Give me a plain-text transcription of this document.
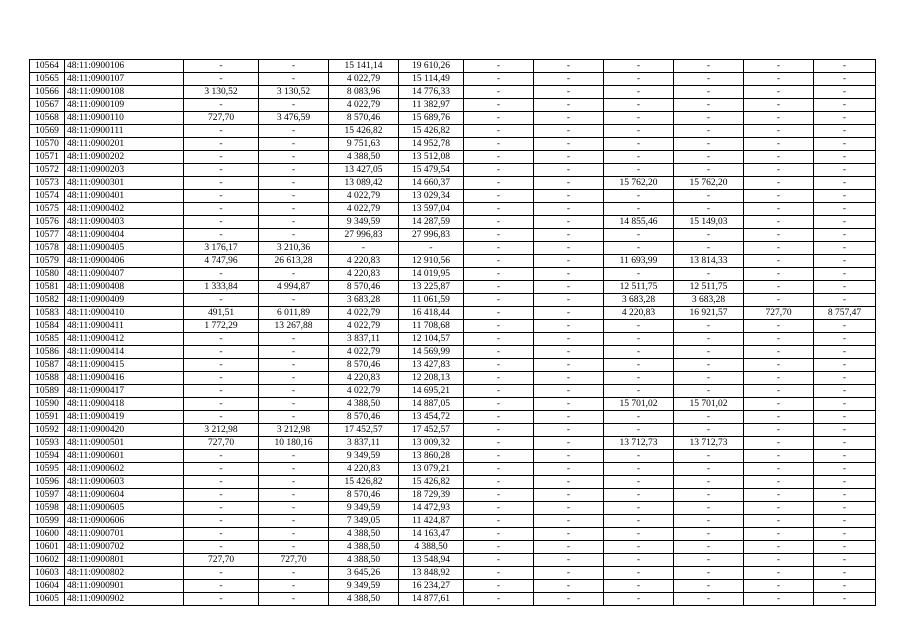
10564	48:11:0900106	-	-	15 141,14	19 610,26	-	-	-	-	-	-
10565	48:11:0900107	-	-	4 022,79	15 114,49	-	-	-	-	-	-
10566	48:11:0900108	3 130,52	3 130,52	8 083,96	14 776,33	-	-	-	-	-	-
10567	48:11:0900109	-	-	4 022,79	11 382,97	-	-	-	-	-	-
10568	48:11:0900110	727,70	3 476,59	8 570,46	15 689,76	-	-	-	-	-	-
10569	48:11:0900111	-	-	15 426,82	15 426,82	-	-	-	-	-	-
10570	48:11:0900201	-	-	9 751,63	14 952,78	-	-	-	-	-	-
10571	48:11:0900202	-	-	4 388,50	13 512,08	-	-	-	-	-	-
10572	48:11:0900203	-	-	13 427,05	15 479,54	-	-	-	-	-	-
10573	48:11:0900301	-	-	13 089,42	14 660,37	-	-	15 762,20	15 762,20	-	-
10574	48:11:0900401	-	-	4 022,79	13 029,34	-	-	-	-	-	-
10575	48:11:0900402	-	-	4 022,79	13 597,04	-	-	-	-	-	-
10576	48:11:0900403	-	-	9 349,59	14 287,59	-	-	14 855,46	15 149,03	-	-
10577	48:11:0900404	-	-	27 996,83	27 996,83	-	-	-	-	-	-
10578	48:11:0900405	3 176,17	3 210,36	-	-	-	-	-	-	-	-
10579	48:11:0900406	4 747,96	26 613,28	4 220,83	12 910,56	-	-	11 693,99	13 814,33	-	-
10580	48:11:0900407	-	-	4 220,83	14 019,95	-	-	-	-	-	-
10581	48:11:0900408	1 333,84	4 994,87	8 570,46	13 225,87	-	-	12 511,75	12 511,75	-	-
10582	48:11:0900409	-	-	3 683,28	11 061,59	-	-	3 683,28	3 683,28	-	-
10583	48:11:0900410	491,51	6 011,89	4 022,79	16 418,44	-	-	4 220,83	16 921,57	727,70	8 757,47
10584	48:11:0900411	1 772,29	13 267,88	4 022,79	11 708,68	-	-	-	-	-	-
10585	48:11:0900412	-	-	3 837,11	12 104,57	-	-	-	-	-	-
10586	48:11:0900414	-	-	4 022,79	14 569,99	-	-	-	-	-	-
10587	48:11:0900415	-	-	8 570,46	13 427,83	-	-	-	-	-	-
10588	48:11:0900416	-	-	4 220,83	12 208,13	-	-	-	-	-	-
10589	48:11:0900417	-	-	4 022,79	14 695,21	-	-	-	-	-	-
10590	48:11:0900418	-	-	4 388,50	14 887,05	-	-	15 701,02	15 701,02	-	-
10591	48:11:0900419	-	-	8 570,46	13 454,72	-	-	-	-	-	-
10592	48:11:0900420	3 212,98	3 212,98	17 452,57	17 452,57	-	-	-	-	-	-
10593	48:11:0900501	727,70	10 180,16	3 837,11	13 009,32	-	-	13 712,73	13 712,73	-	-
10594	48:11:0900601	-	-	9 349,59	13 860,28	-	-	-	-	-	-
10595	48:11:0900602	-	-	4 220,83	13 079,21	-	-	-	-	-	-
10596	48:11:0900603	-	-	15 426,82	15 426,82	-	-	-	-	-	-
10597	48:11:0900604	-	-	8 570,46	18 729,39	-	-	-	-	-	-
10598	48:11:0900605	-	-	9 349,59	14 472,93	-	-	-	-	-	-
10599	48:11:0900606	-	-	7 349,05	11 424,87	-	-	-	-	-	-
10600	48:11:0900701	-	-	4 388,50	14 163,47	-	-	-	-	-	-
10601	48:11:0900702	-	-	4 388,50	4 388,50	-	-	-	-	-	-
10602	48:11:0900801	727,70	727,70	4 388,50	13 548,94	-	-	-	-	-	-
10603	48:11:0900802	-	-	3 645,26	13 848,92	-	-	-	-	-	-
10604	48:11:0900901	-	-	9 349,59	16 234,27	-	-	-	-	-	-
10605	48:11:0900902	-	-	4 388,50	14 877,61	-	-	-	-	-	-
